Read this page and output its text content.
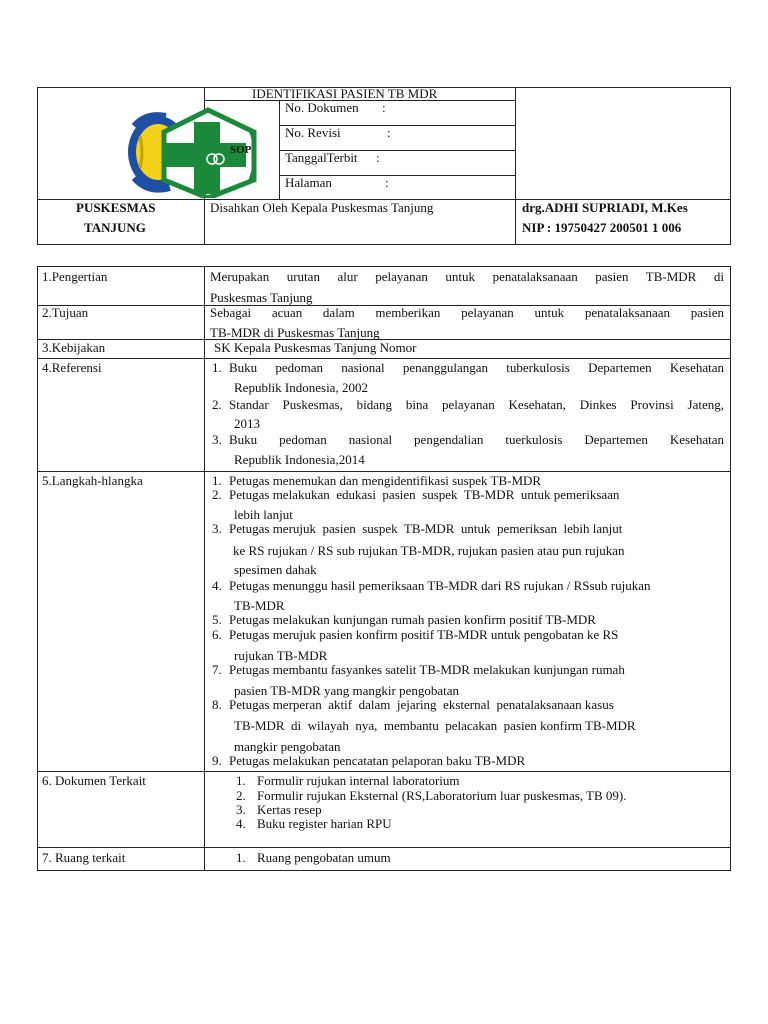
SOP
IDENTIFIKASI PASIEN TB MDR
No. Dokumen :
No. Revisi	:
TanggalTerbit :
Halaman	:
PUSKESMAS
TANJUNG
Disahkan Oleh Kepala Puskesmas Tanjung	drg.ADHI SUPRIADI, M.Kes
NIP : 19750427 200501 1 006
1.Pengertian	Merupakan urutan alur pelayanan untuk penatalaksanaan pasien TB-MDR di
Puskesmas Tanjung
2.Tujuan	Sebagai acuan dalam memberikan pelayanan untuk penatalaksanaan pasien
TB-MDR di Puskesmas Tanjung
3.Kebijakan	SK Kepala Puskesmas Tanjung Nomor
4.Referensi	1. Buku pedoman nasional penanggulangan tuberkulosis Departemen Kesehatan
Republik Indonesia, 2002
2. Standar Puskesmas, bidang bina pelayanan Kesehatan, Dinkes Provinsi Jateng,
2013
3. Buku pedoman nasional pengendalian tuerkulosis Departemen Kesehatan
Republik Indonesia,2014
5.Langkah-hlangka	1. Petugas menemukan dan mengidentifikasi suspek TB-MDR
2. Petugas melakukan  edukasi  pasien  suspek  TB-MDR  untuk pemeriksaan
lebih lanjut
3. Petugas merujuk  pasien  suspek  TB-MDR  untuk  pemeriksan  lebih lanjut
ke RS rujukan / RS sub rujukan TB-MDR, rujukan pasien atau pun rujukan
spesimen dahak
4. Petugas menunggu hasil pemeriksaan TB-MDR dari RS rujukan / RSsub rujukan
TB-MDR
5. Petugas melakukan kunjungan rumah pasien konfirm positif TB-MDR
6. Petugas merujuk pasien konfirm positif TB-MDR untuk pengobatan ke RS
rujukan TB-MDR
7. Petugas membantu fasyankes satelit TB-MDR melakukan kunjungan rumah
pasien TB-MDR yang mangkir pengobatan
8. Petugas merperan  aktif  dalam  jejaring  eksternal  penatalaksanaan kasus
TB-MDR  di  wilayah  nya,  membantu  pelacakan  pasien konfirm TB-MDR
mangkir pengobatan
9. Petugas melakukan pencatatan pelaporan baku TB-MDR
6. Dokumen Terkait	1. Formulir rujukan internal laboratorium
2. Formulir rujukan Eksternal (RS,Laboratorium luar puskesmas, TB 09).
3. Kertas resep
4. Buku register harian RPU
7. Ruang terkait	1. Ruang pengobatan umum
